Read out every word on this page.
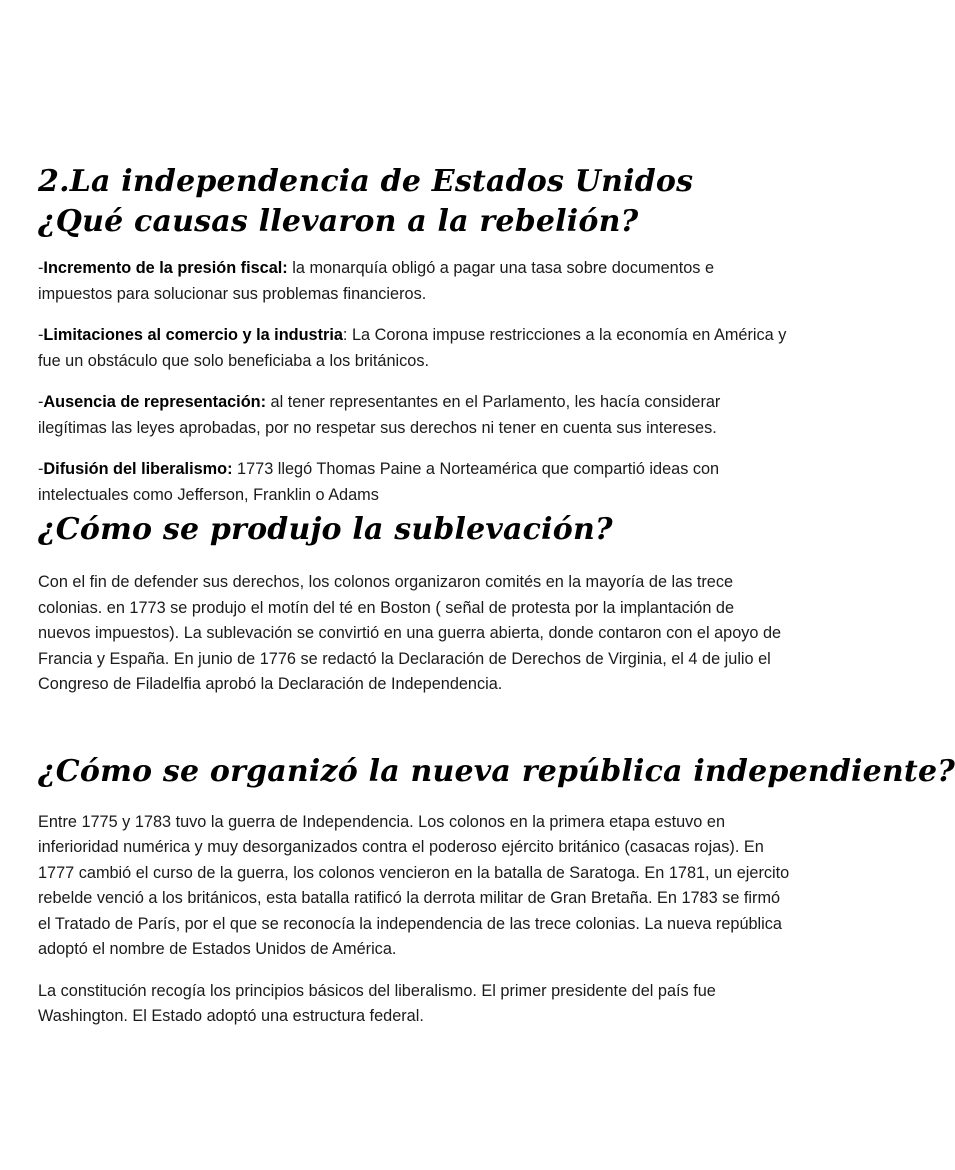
2.La independencia de Estados Unidos
¿Qué causas llevaron a la rebelión?

-Incremento de la presión fiscal: la monarquía obligó a pagar una tasa sobre documentos e impuestos para solucionar sus problemas financieros.

-Limitaciones al comercio y la industria: La Corona impuse restricciones a la economía en América y fue un obstáculo que solo beneficiaba a los británicos.

-Ausencia de representación: al tener representantes en el Parlamento, les hacía considerar ilegítimas las leyes aprobadas, por no respetar sus derechos ni tener en cuenta sus intereses.

-Difusión del liberalismo: 1773 llegó Thomas Paine a Norteamérica que compartió ideas con intelectuales como Jefferson, Franklin o Adams

¿Cómo se produjo la sublevación?

Con el fin de defender sus derechos, los colonos organizaron comités en la mayoría de las trece colonias. en 1773 se produjo el motín del té en Boston ( señal de protesta por la implantación de nuevos impuestos). La sublevación se convirtió en una guerra abierta, donde contaron con el apoyo de Francia y España. En junio de 1776 se redactó la Declaración de Derechos de Virginia, el 4 de julio el Congreso de Filadelfia aprobó la Declaración de Independencia.

¿Cómo se organizó la nueva república independiente?

Entre 1775 y 1783 tuvo la guerra de Independencia. Los colonos en la primera etapa estuvo en inferioridad numérica y muy desorganizados contra el poderoso ejército británico (casacas rojas). En 1777 cambió el curso de la guerra, los colonos vencieron en la batalla de Saratoga. En 1781, un ejercito rebelde venció a los británicos, esta batalla ratificó la derrota militar de Gran Bretaña. En 1783 se firmó el Tratado de París, por el que se reconocía la independencia de las trece colonias. La nueva república adoptó el nombre de Estados Unidos de América.

La constitución recogía los principios básicos del liberalismo. El primer presidente del país fue Washington. El Estado adoptó una estructura federal.
